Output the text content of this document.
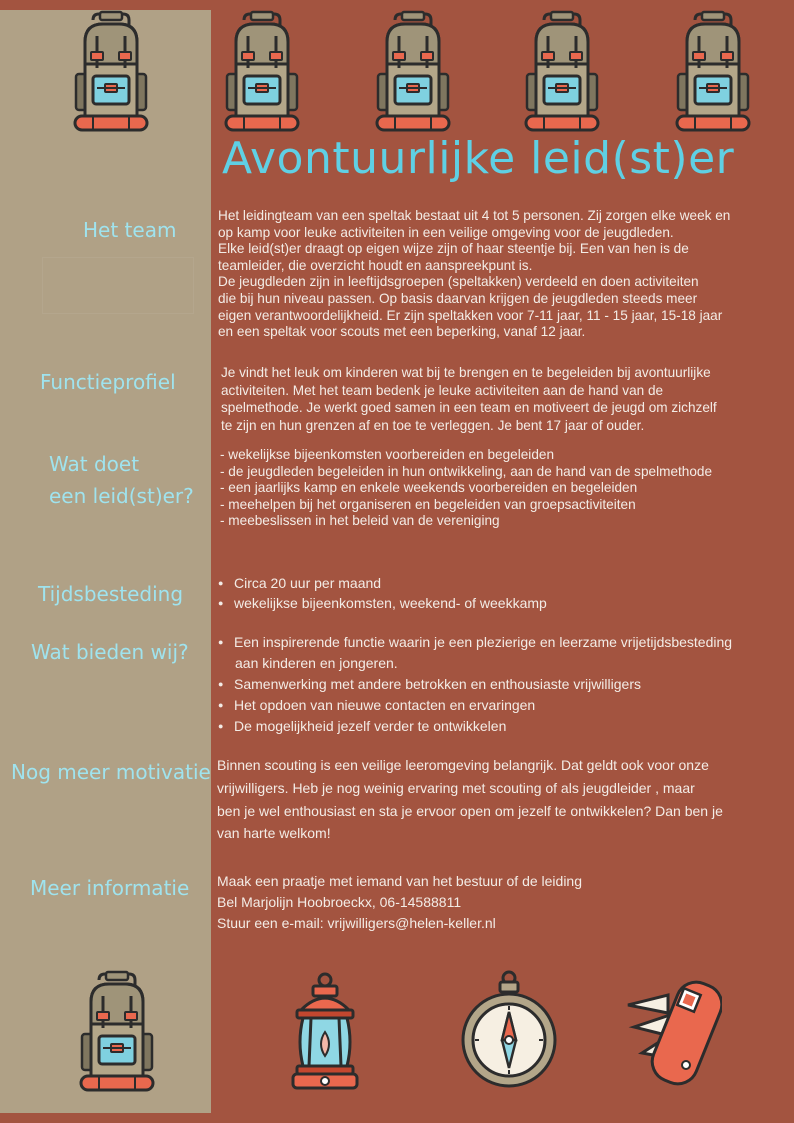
Avontuurlijke leid(st)er
Het team

Het leidingteam van een speltak bestaat uit 4 tot 5 personen. Zij zorgen elke week en

op kamp voor leuke activiteiten in een veilige omgeving voor de jeugdleden.

Elke leid(st)er draagt op eigen wijze zijn of haar steentje bij. Een van hen is de

teamleider, die overzicht houdt en aanspreekpunt is.

De jeugdleden zijn in leeftijdsgroepen (speltakken) verdeeld en doen activiteiten

die bij hun niveau passen. Op basis daarvan krijgen de jeugdleden steeds meer

eigen verantwoordelijkheid. Er zijn speltakken voor 7-11 jaar, 11 - 15 jaar, 15-18 jaar

en een speltak voor scouts met een beperking, vanaf 12 jaar.

Functieprofiel	Je vindt het leuk om kinderen wat bij te brengen en te begeleiden bij avontuurlijke

activiteiten. Met het team bedenk je leuke activiteiten aan de hand van de

spelmethode. Je werkt goed samen in een team en motiveert de jeugd om zichzelf

te zijn en hun grenzen af en toe te verleggen. Je bent 17 jaar of ouder.

Wat doet
een leid(st)er?

- wekelijkse bijeenkomsten voorbereiden en begeleiden

- de jeugdleden begeleiden in hun ontwikkeling, aan de hand van de spelmethode

- een jaarlijks kamp en enkele weekends voorbereiden en begeleiden

- meehelpen bij het organiseren en begeleiden van groepsactiviteiten

- meebeslissen in het beleid van de vereniging

Tijdsbesteding	● Circa 20 uur per maand
● wekelijkse bijeenkomsten, weekend- of weekkamp
Wat bieden wij?	● Een inspirerende functie waarin je een plezierige en leerzame vrijetijdsbesteding
aan kinderen en jongeren.
● Samenwerking met andere betrokken en enthousiaste vrijwilligers
● Het opdoen van nieuwe contacten en ervaringen
● De mogelijkheid jezelf verder te ontwikkelen
Nog meer motivatie Binnen scouting is een veilige leeromgeving belangrijk. Dat geldt ook voor onze

vrijwilligers. Heb je nog weinig ervaring met scouting of als jeugdleider , maar

ben je wel enthousiast en sta je ervoor open om jezelf te ontwikkelen? Dan ben je

van harte welkom!

Meer informatie Maak een praatje met iemand van het bestuur of de leiding

Bel Marjolijn Hoobroeckx, 06-14588811

Stuur een e-mail: vrijwilligers@helen-keller.nl
